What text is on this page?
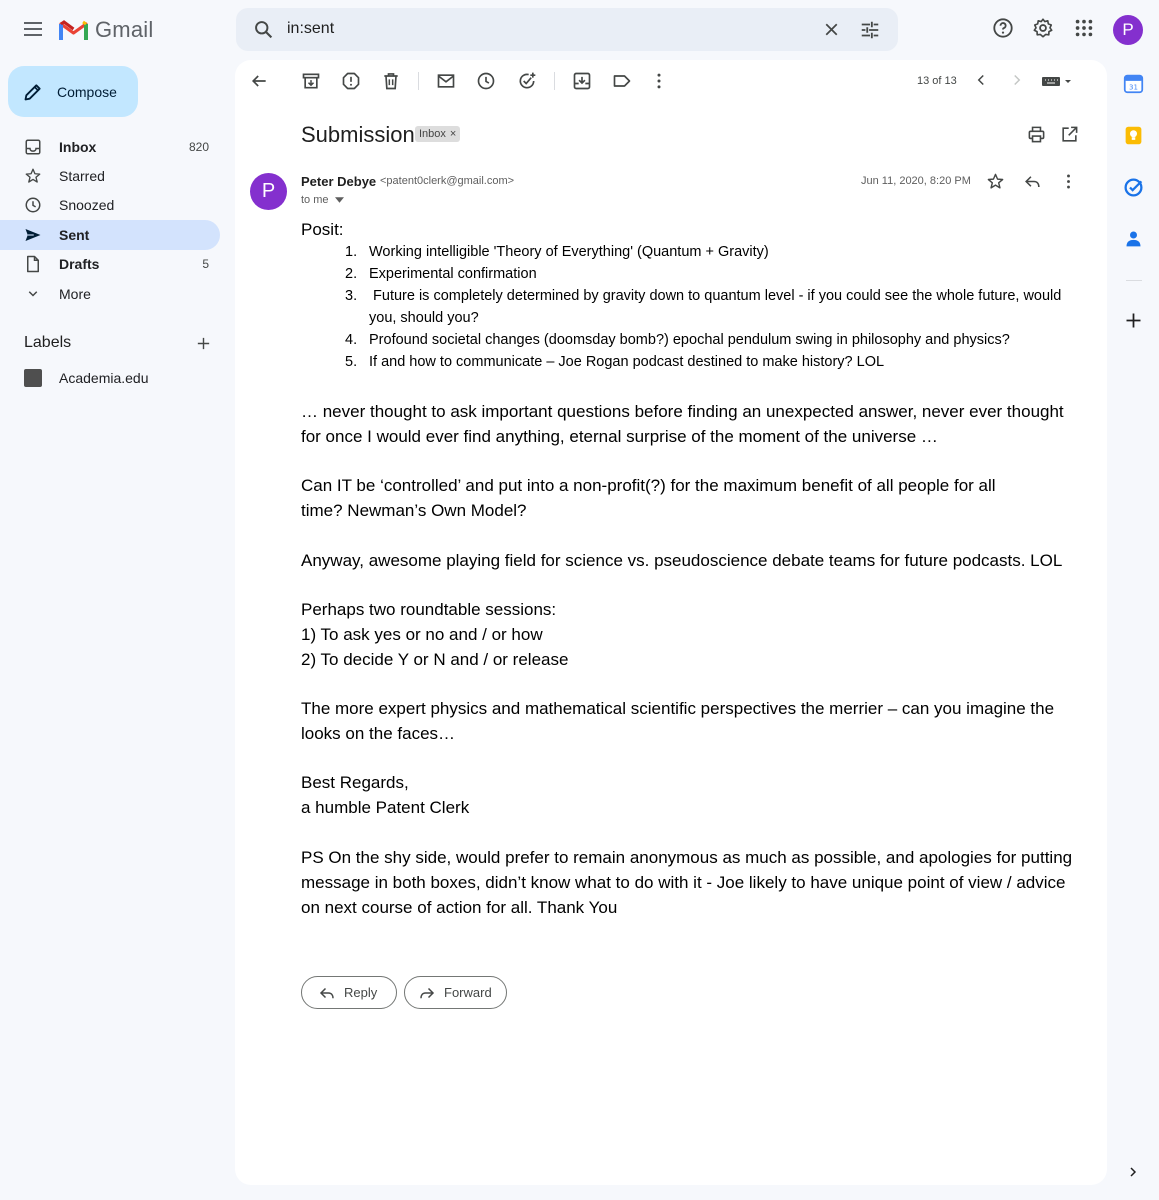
Gmail	in:sent	P
Compose
Inbox	820
Starred
Snoozed
Sent
Drafts	5
More
Labels
Academia.edu
13 of 13
Submission Inbox ×
P	Peter Debye <patent0clerk@gmail.com>
to me
Jun 11, 2020, 8:20 PM
Posit:
1. Working intelligible 'Theory of Everything' (Quantum + Gravity)
2. Experimental confirmation
3. Future is completely determined by gravity down to quantum level - if you could see the whole future, would you, should you?
4. Profound societal changes (doomsday bomb?) epochal pendulum swing in philosophy and physics?
5. If and how to communicate – Joe Rogan podcast destined to make history? LOL
… never thought to ask important questions before finding an unexpected answer, never ever thought for once I would ever find anything, eternal surprise of the moment of the universe …
Can IT be ‘controlled’ and put into a non-profit(?) for the maximum benefit of all people for all
time? Newman’s Own Model?
Anyway, awesome playing field for science vs. pseudoscience debate teams for future podcasts. LOL
Perhaps two roundtable sessions:
1) To ask yes or no and / or how
2) To decide Y or N and / or release
The more expert physics and mathematical scientific perspectives the merrier – can you imagine the looks on the faces…
Best Regards,
a humble Patent Clerk
PS On the shy side, would prefer to remain anonymous as much as possible, and apologies for putting message in both boxes, didn’t know what to do with it - Joe likely to have unique point of view / advice on next course of action for all. Thank You
Reply	Forward
31
